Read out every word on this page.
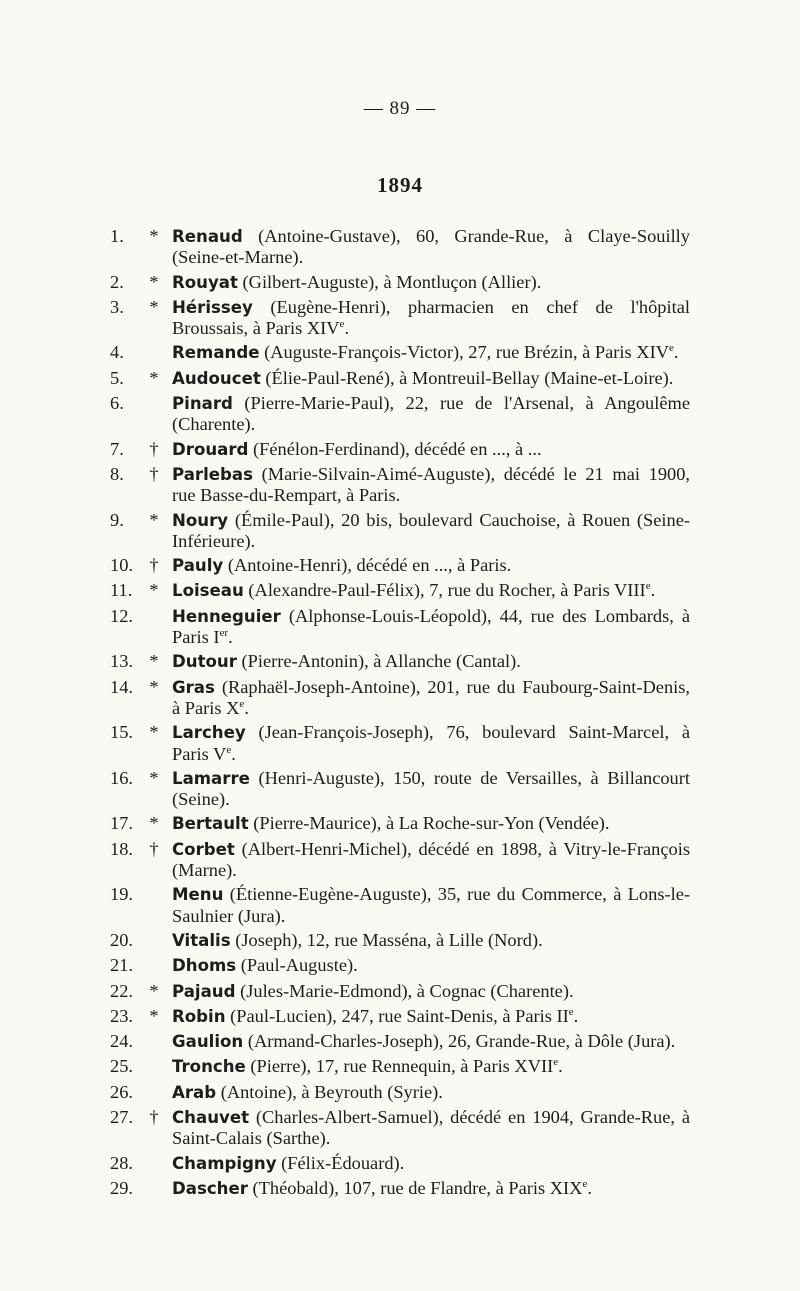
— 89 —
1894
1.	* Renaud (Antoine-Gustave), 60, Grande-Rue, à Claye-Souilly (Seine-et-Marne).
2.	* Rouyat (Gilbert-Auguste), à Montluçon (Allier).
3.	* Hérissey (Eugène-Henri), pharmacien en chef de l'hôpital Broussais, à Paris XIVe.
4.	Remande (Auguste-François-Victor), 27, rue Brézin, à Paris XIVe.
5.	* Audoucet (Élie-Paul-René), à Montreuil-Bellay (Maine-et-Loire).
6.	Pinard (Pierre-Marie-Paul), 22, rue de l'Arsenal, à Angoulême (Charente).
7.	† Drouard (Fénélon-Ferdinand), décédé en ..., à ...
8.	† Parlebas (Marie-Silvain-Aimé-Auguste), décédé le 21 mai 1900, rue Basse-du-Rempart, à Paris.
9.	* Noury (Émile-Paul), 20 bis, boulevard Cauchoise, à Rouen (Seine-Inférieure).
10. † Pauly (Antoine-Henri), décédé en ..., à Paris.
11. * Loiseau (Alexandre-Paul-Félix), 7, rue du Rocher, à Paris VIIIe.
12. Henneguier (Alphonse-Louis-Léopold), 44, rue des Lombards, à Paris Ier.
13. * Dutour (Pierre-Antonin), à Allanche (Cantal).
14. * Gras (Raphaël-Joseph-Antoine), 201, rue du Faubourg-Saint-Denis, à Paris Xe.
15. * Larchey (Jean-François-Joseph), 76, boulevard Saint-Marcel, à Paris Ve.
16. * Lamarre (Henri-Auguste), 150, route de Versailles, à Billancourt (Seine).
17. * Bertault (Pierre-Maurice), à La Roche-sur-Yon (Vendée).
18. † Corbet (Albert-Henri-Michel), décédé en 1898, à Vitry-le-François (Marne).
19. Menu (Étienne-Eugène-Auguste), 35, rue du Commerce, à Lons-le-Saulnier (Jura).
20. Vitalis (Joseph), 12, rue Masséna, à Lille (Nord).
21. Dhoms (Paul-Auguste).
22. * Pajaud (Jules-Marie-Edmond), à Cognac (Charente).
23. * Robin (Paul-Lucien), 247, rue Saint-Denis, à Paris IIe.
24. Gaulion (Armand-Charles-Joseph), 26, Grande-Rue, à Dôle (Jura).
25. Tronche (Pierre), 17, rue Rennequin, à Paris XVIIe.
26. Arab (Antoine), à Beyrouth (Syrie).
27. † Chauvet (Charles-Albert-Samuel), décédé en 1904, Grande-Rue, à Saint-Calais (Sarthe).
28. Champigny (Félix-Édouard).
29. Dascher (Théobald), 107, rue de Flandre, à Paris XIXe.
